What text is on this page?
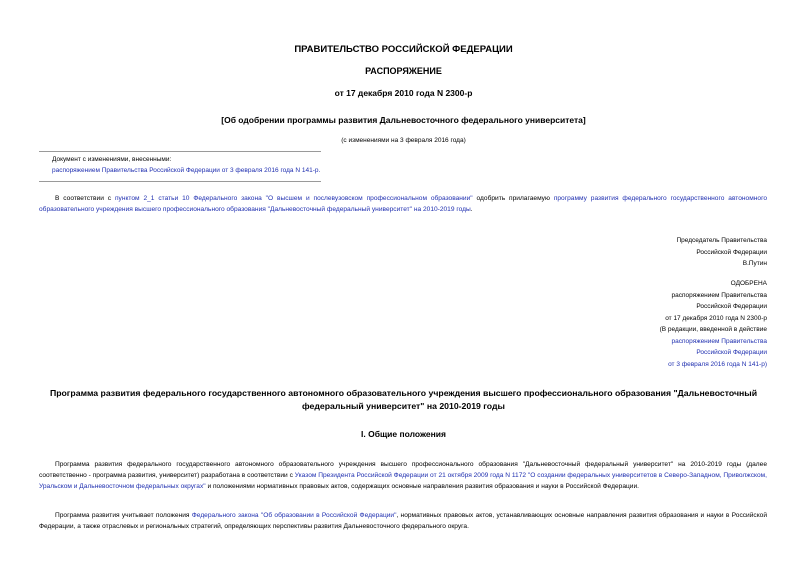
ПРАВИТЕЛЬСТВО РОССИЙСКОЙ ФЕДЕРАЦИИ
РАСПОРЯЖЕНИЕ
от 17 декабря 2010 года N 2300-р
[Об одобрении программы развития Дальневосточного федерального университета]
(с изменениями на 3 февраля 2016 года)
Документ с изменениями, внесенными:
распоряжением Правительства Российской Федерации от 3 февраля 2016 года N 141-р.
В соответствии с пунктом 2_1 статьи 10 Федерального закона "О высшем и послевузовском профессиональном образовании" одобрить прилагаемую программу развития федерального государственного автономного образовательного учреждения высшего профессионального образования "Дальневосточный федеральный университет" на 2010-2019 годы.
Председатель Правительства
Российской Федерации
В.Путин
ОДОБРЕНА
распоряжением Правительства
Российской Федерации
от 17 декабря 2010 года N 2300-р
(В редакции, введенной в действие
распоряжением Правительства
Российской Федерации
от 3 февраля 2016 года N 141-р)
Программа развития федерального государственного автономного образовательного учреждения высшего профессионального образования "Дальневосточный федеральный университет" на 2010-2019 годы
I. Общие положения
Программа развития федерального государственного автономного образовательного учреждения высшего профессионального образования "Дальневосточный федеральный университет" на 2010-2019 годы (далее соответственно - программа развития, университет) разработана в соответствии с Указом Президента Российской Федерации от 21 октября 2009 года N 1172 "О создании федеральных университетов в Северо-Западном, Приволжском, Уральском и Дальневосточном федеральных округах" и положениями нормативных правовых актов, содержащих основные направления развития образования и науки в Российской Федерации.
Программа развития учитывает положения Федерального закона "Об образовании в Российской Федерации", нормативных правовых актов, устанавливающих основные направления развития образования и науки в Российской Федерации, а также отраслевых и региональных стратегий, определяющих перспективы развития Дальневосточного федерального округа.
